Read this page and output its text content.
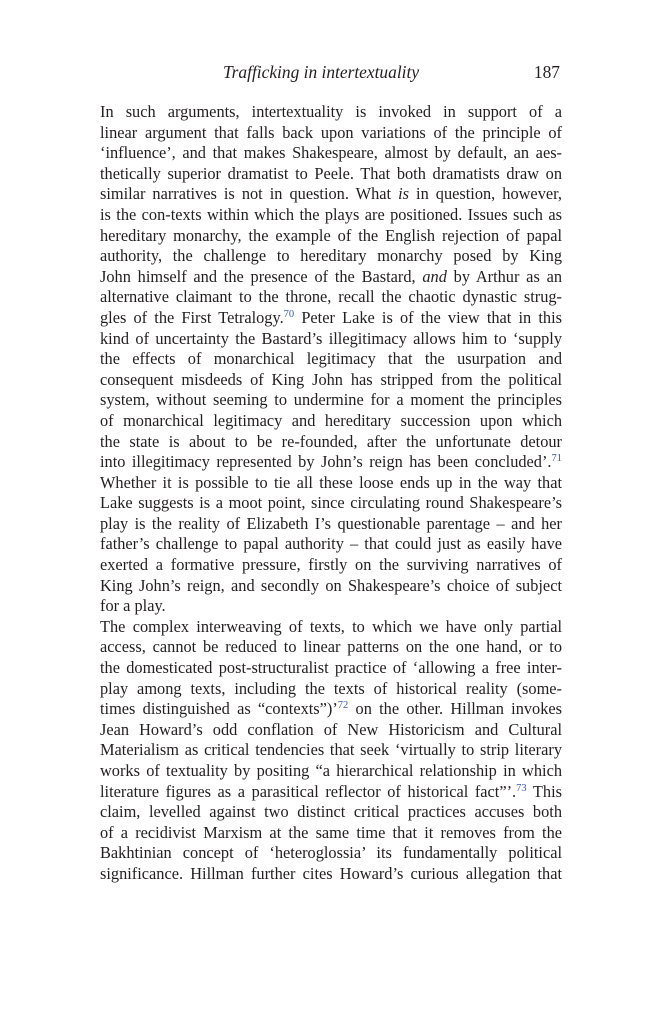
Trafficking in intertextuality	187

In such arguments, intertextuality is invoked in support of a
linear argument that falls back upon variations of the principle of
‘influence’, and that makes Shakespeare, almost by default, an aes-
thetically superior dramatist to Peele. That both dramatists draw on
similar narratives is not in question. What is in question, however,
is the con-texts within which the plays are positioned. Issues such as
hereditary monarchy, the example of the English rejection of papal
authority, the challenge to hereditary monarchy posed by King
John himself and the presence of the Bastard, and by Arthur as an
alternative claimant to the throne, recall the chaotic dynastic strug-
gles of the First Tetralogy.$^{70}$ Peter Lake is of the view that in this
kind of uncertainty the Bastard’s illegitimacy allows him to ‘supply
the effects of monarchical legitimacy that the usurpation and
consequent misdeeds of King John has stripped from the political
system, without seeming to undermine for a moment the principles
of monarchical legitimacy and hereditary succession upon which
the state is about to be re-founded, after the unfortunate detour
into illegitimacy represented by John’s reign has been concluded’.$^{71}$
Whether it is possible to tie all these loose ends up in the way that
Lake suggests is a moot point, since circulating round Shakespeare’s
play is the reality of Elizabeth I’s questionable parentage – and her
father’s challenge to papal authority – that could just as easily have
exerted a formative pressure, firstly on the surviving narratives of
King John’s reign, and secondly on Shakespeare’s choice of subject
for a play.

The complex interweaving of texts, to which we have only partial
access, cannot be reduced to linear patterns on the one hand, or to
the domesticated post-structuralist practice of ‘allowing a free inter-
play among texts, including the texts of historical reality (some-
times distinguished as “contexts”)’$^{72}$ on the other. Hillman invokes
Jean Howard’s odd conflation of New Historicism and Cultural
Materialism as critical tendencies that seek ‘virtually to strip literary
works of textuality by positing “a hierarchical relationship in which
literature figures as a parasitical reflector of historical fact”’.$^{73}$ This
claim, levelled against two distinct critical practices accuses both
of a recidivist Marxism at the same time that it removes from the
Bakhtinian concept of ‘heteroglossia’ its fundamentally political
significance. Hillman further cites Howard’s curious allegation that
